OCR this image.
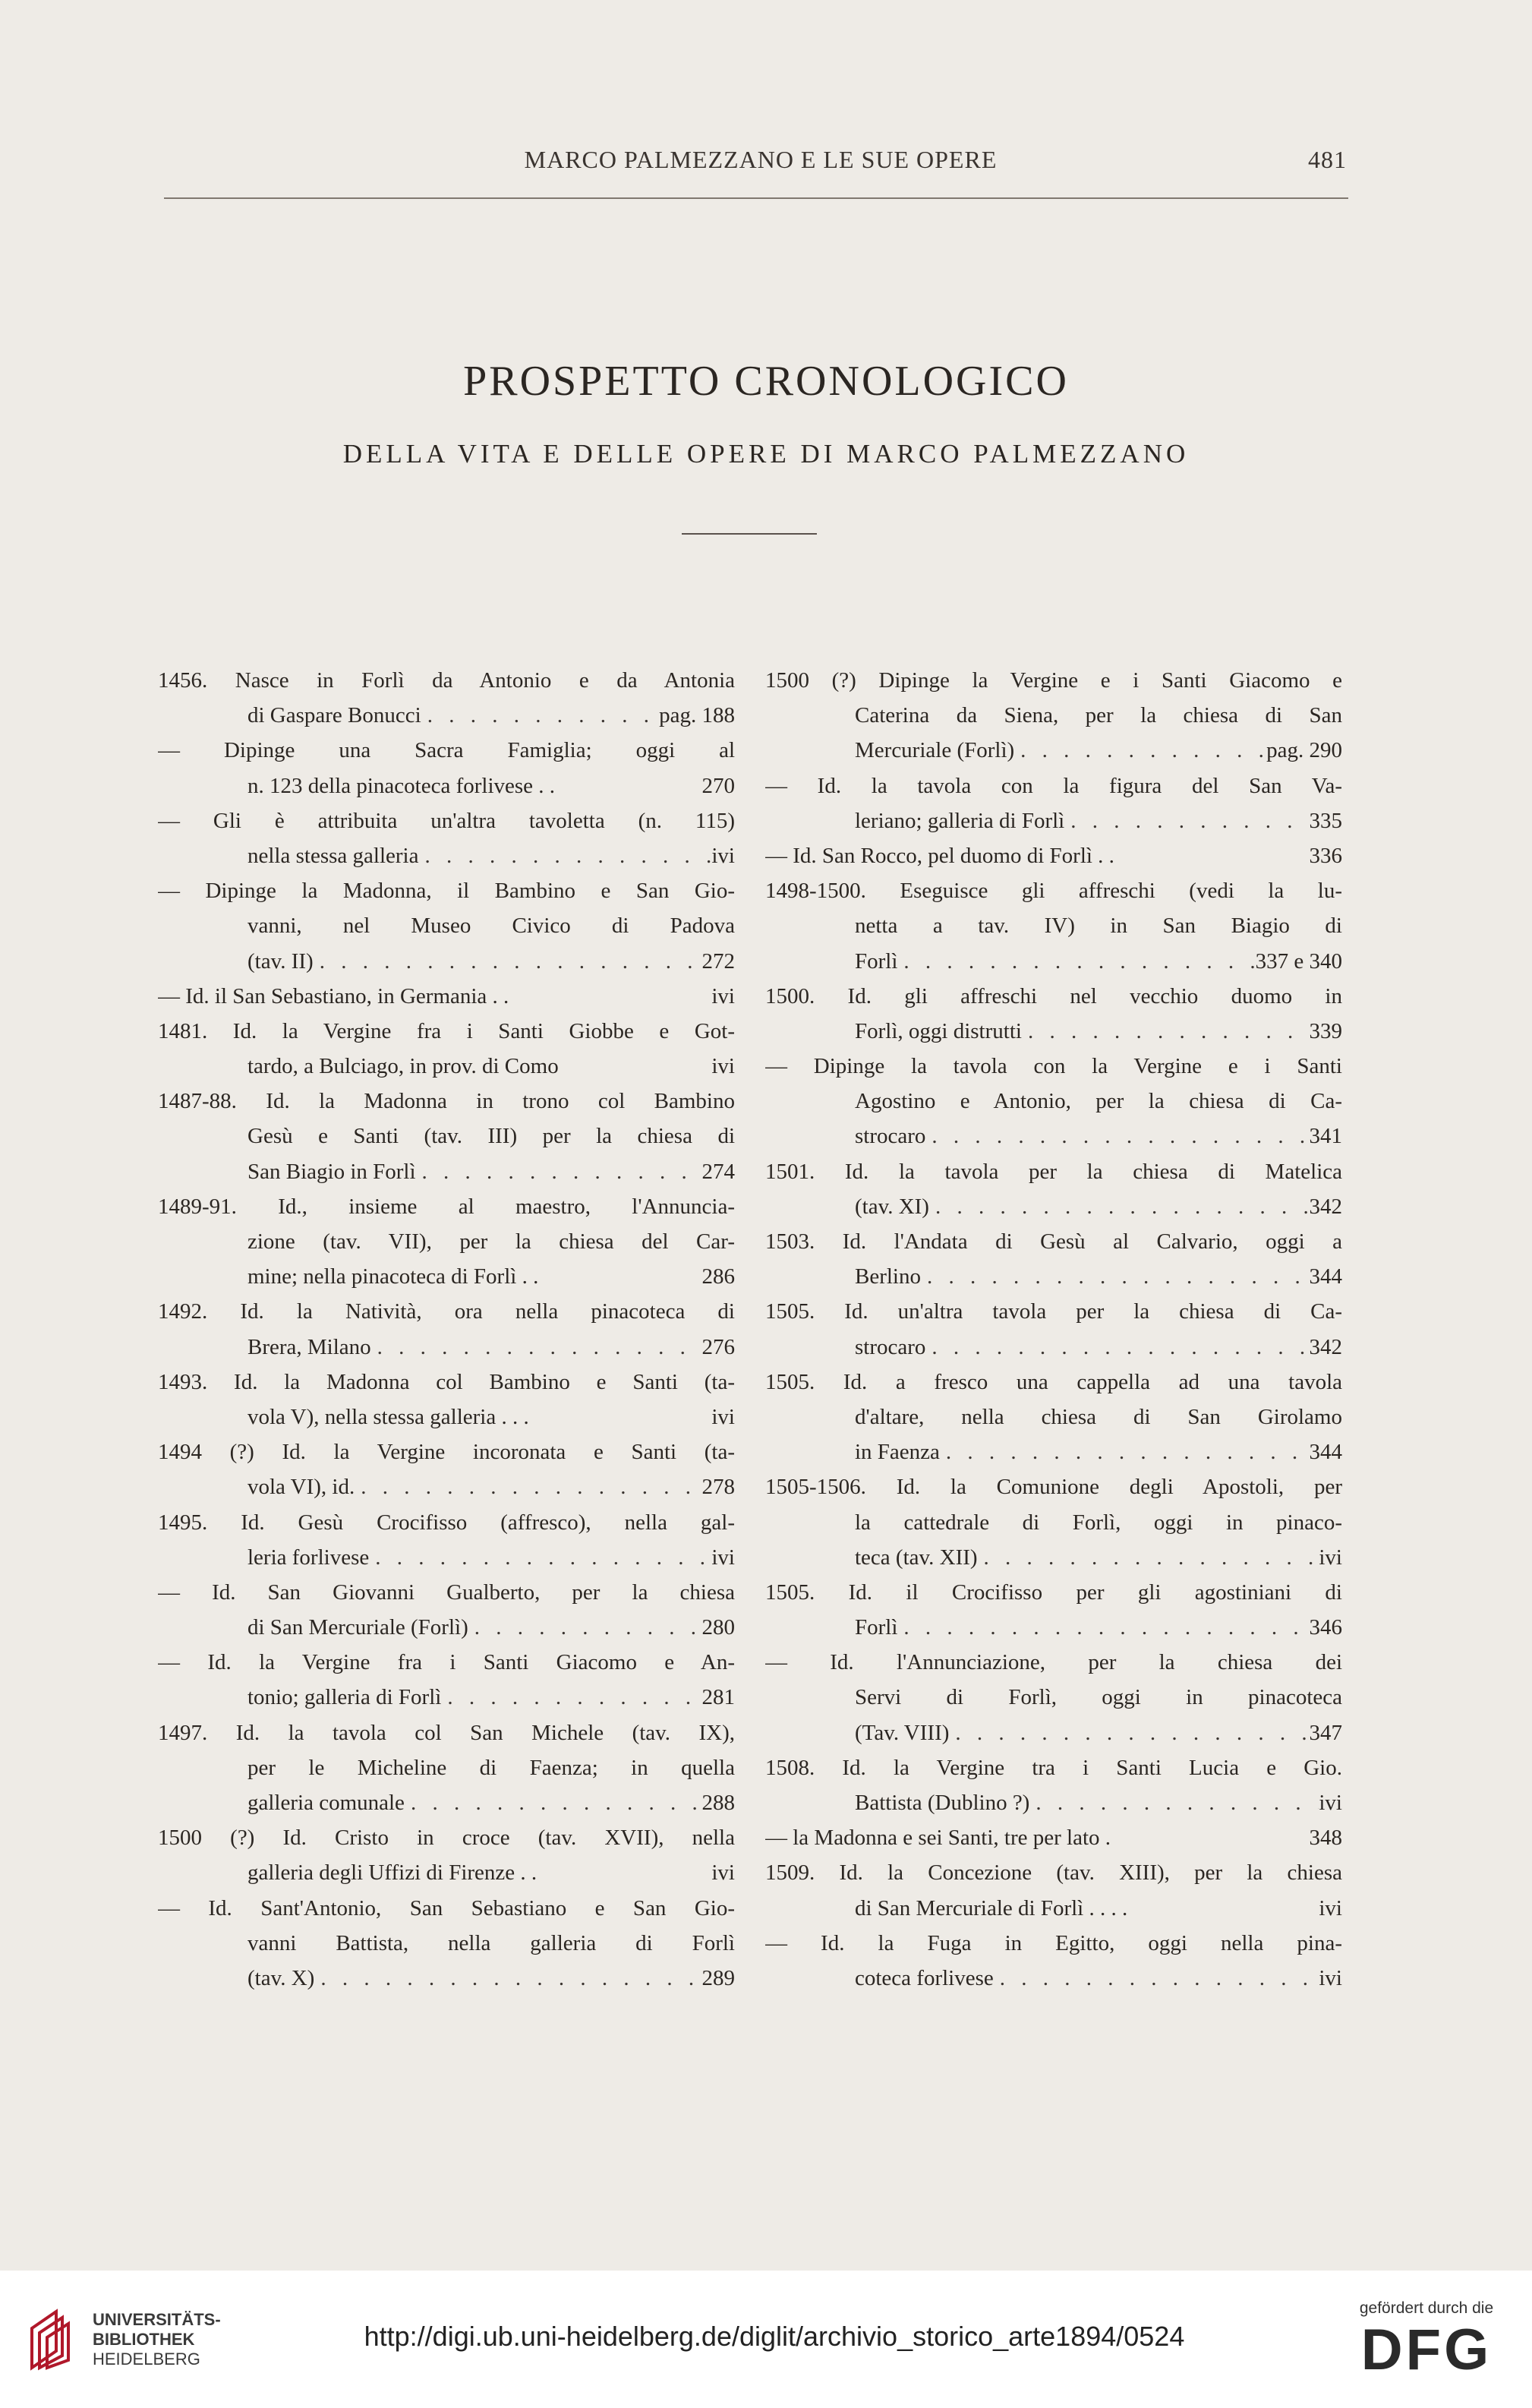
MARCO PALMEZZANO E LE SUE OPERE	481
PROSPETTO CRONOLOGICO
DELLA VITA E DELLE OPERE DI MARCO PALMEZZANO
1456. Nasce in Forlì da Antonio e da Antonia
di Gaspare Bonucci . . .	pag. 188
— Dipinge una Sacra Famiglia; oggi al
n. 123 della pinacoteca forlivese . .	270
— Gli è attribuita un'altra tavoletta (n. 115)
nella stessa galleria . . .	ivi
— Dipinge la Madonna, il Bambino e San Gio-
vanni, nel Museo Civico di Padova
(tav. II) . . .	272
— Id. il San Sebastiano, in Germania . .	ivi
1481. Id. la Vergine fra i Santi Giobbe e Got-
tardo, a Bulciago, in prov. di Como	ivi
1487-88. Id. la Madonna in trono col Bambino
Gesù e Santi (tav. III) per la chiesa di
San Biagio in Forlì . . .	274
1489-91. Id., insieme al maestro, l'Annuncia-
zione (tav. VII), per la chiesa del Car-
mine; nella pinacoteca di Forlì . .	286
1492. Id. la Natività, ora nella pinacoteca di
Brera, Milano . . .	276
1493. Id. la Madonna col Bambino e Santi (ta-
vola V), nella stessa galleria . . .	ivi
1494 (?) Id. la Vergine incoronata e Santi (ta-
vola VI), id. . . .	278
1495. Id. Gesù Crocifisso (affresco), nella gal-
leria forlivese . . .	ivi
— Id. San Giovanni Gualberto, per la chiesa
di San Mercuriale (Forlì) . . .	280
— Id. la Vergine fra i Santi Giacomo e An-
tonio; galleria di Forlì . . .	281
1497. Id. la tavola col San Michele (tav. IX),
per le Micheline di Faenza; in quella
galleria comunale . . .	288
1500 (?) Id. Cristo in croce (tav. XVII), nella
galleria degli Uffizi di Firenze . .	ivi
— Id. Sant'Antonio, San Sebastiano e San Gio-
vanni Battista, nella galleria di Forlì
(tav. X) . . .	289
1500 (?) Dipinge la Vergine e i Santi Giacomo e
Caterina da Siena, per la chiesa di San
Mercuriale (Forlì) . . .	pag. 290
— Id. la tavola con la figura del San Va-
leriano; galleria di Forlì . . .	335
— Id. San Rocco, pel duomo di Forlì . .	336
1498-1500. Eseguisce gli affreschi (vedi la lu-
netta a tav. IV) in San Biagio di
Forlì . . .	337 e 340
1500. Id. gli affreschi nel vecchio duomo in
Forlì, oggi distrutti . . .	339
— Dipinge la tavola con la Vergine e i Santi
Agostino e Antonio, per la chiesa di Ca-
strocaro . . .	341
1501. Id. la tavola per la chiesa di Matelica
(tav. XI) . . .	342
1503. Id. l'Andata di Gesù al Calvario, oggi a
Berlino . . .	344
1505. Id. un'altra tavola per la chiesa di Ca-
strocaro . . .	342
1505. Id. a fresco una cappella ad una tavola
d'altare, nella chiesa di San Girolamo
in Faenza . . .	344
1505-1506. Id. la Comunione degli Apostoli, per
la cattedrale di Forlì, oggi in pinaco-
teca (tav. XII) . . .	ivi
1505. Id. il Crocifisso per gli agostiniani di
Forlì . . .	346
— Id. l'Annunciazione, per la chiesa dei
Servi di Forlì, oggi in pinacoteca
(Tav. VIII) . . .	347
1508. Id. la Vergine tra i Santi Lucia e Gio.
Battista (Dublino ?) . . .	ivi
— la Madonna e sei Santi, tre per lato .	348
1509. Id. la Concezione (tav. XIII), per la chiesa
di San Mercuriale di Forlì . . . .	ivi
— Id. la Fuga in Egitto, oggi nella pina-
coteca forlivese . . .	ivi
UNIVERSITÄTS-
BIBLIOTHEK
HEIDELBERG
http://digi.ub.uni-heidelberg.de/diglit/archivio_storico_arte1894/0524
gefördert durch die
DFG
